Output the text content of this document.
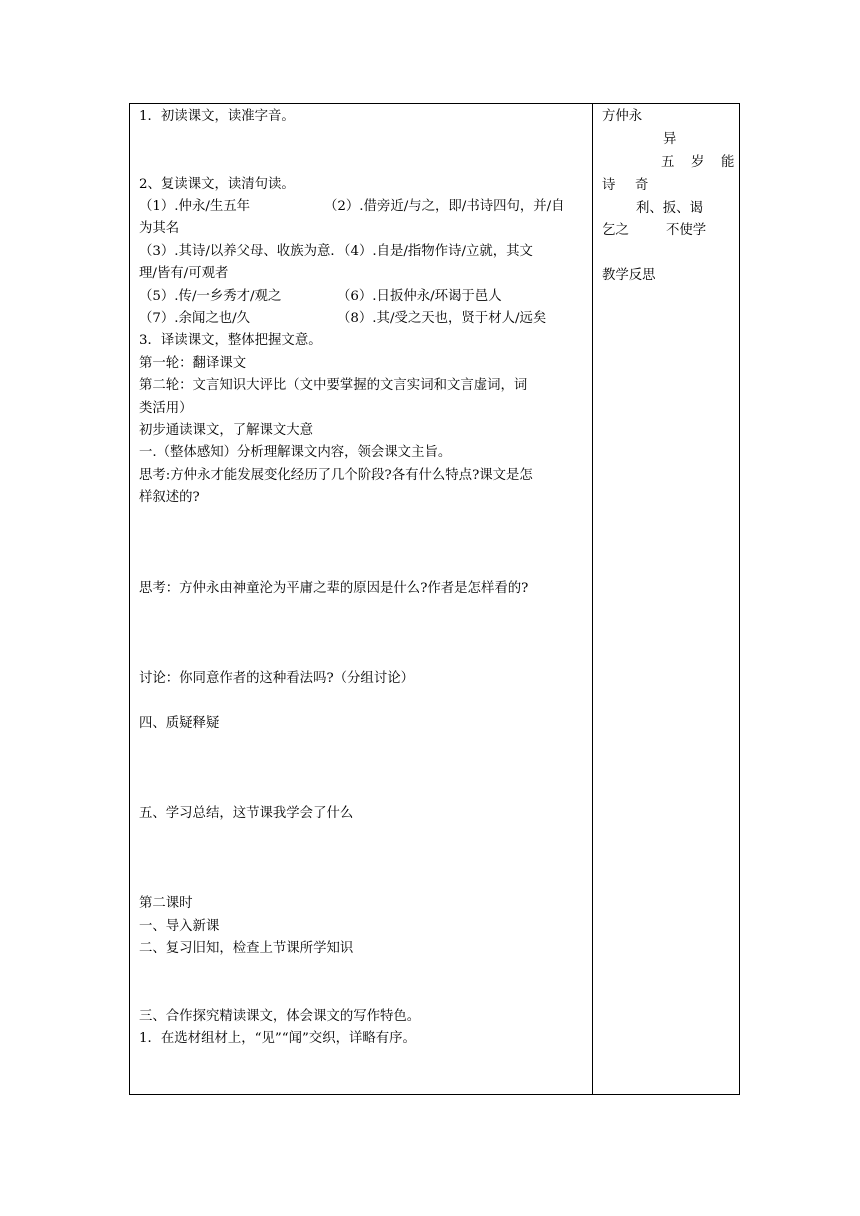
1．初读课文，读准字音。
2、复读课文，读清句读。
（1）.仲永/生五年	（2）.借旁近/与之，即/书诗四句，并/自
为其名
（3）.其诗/以养父母、收族为意．（4）.自是/指物作诗/立就，其文
理/皆有/可观者
（5）.传/一乡秀才/观之	（6）.日扳仲永/环谒于邑人
（7）.余闻之也/久	（8）.其/受之天也，贤于材人/远矣
3．译读课文，整体把握文意。
第一轮：翻译课文
第二轮：文言知识大评比（文中要掌握的文言实词和文言虚词，词
类活用）
初步通读课文，了解课文大意
一.（整体感知）分析理解课文内容，领会课文主旨。
思考:方仲永才能发展变化经历了几个阶段?各有什么特点?课文是怎
样叙述的?
思考：方仲永由神童沦为平庸之辈的原因是什么?作者是怎样看的?
讨论：你同意作者的这种看法吗?（分组讨论）
四、质疑释疑
五、学习总结，这节课我学会了什么
第二课时
一、导入新课
二、复习旧知，检查上节课所学知识
三、合作探究精读课文，体会课文的写作特色。
1．在选材组材上，“见”“闻”交织，详略有序。
方仲永
异
五 岁 能
诗 奇
利、扳、谒
乞之	不使学
教学反思
